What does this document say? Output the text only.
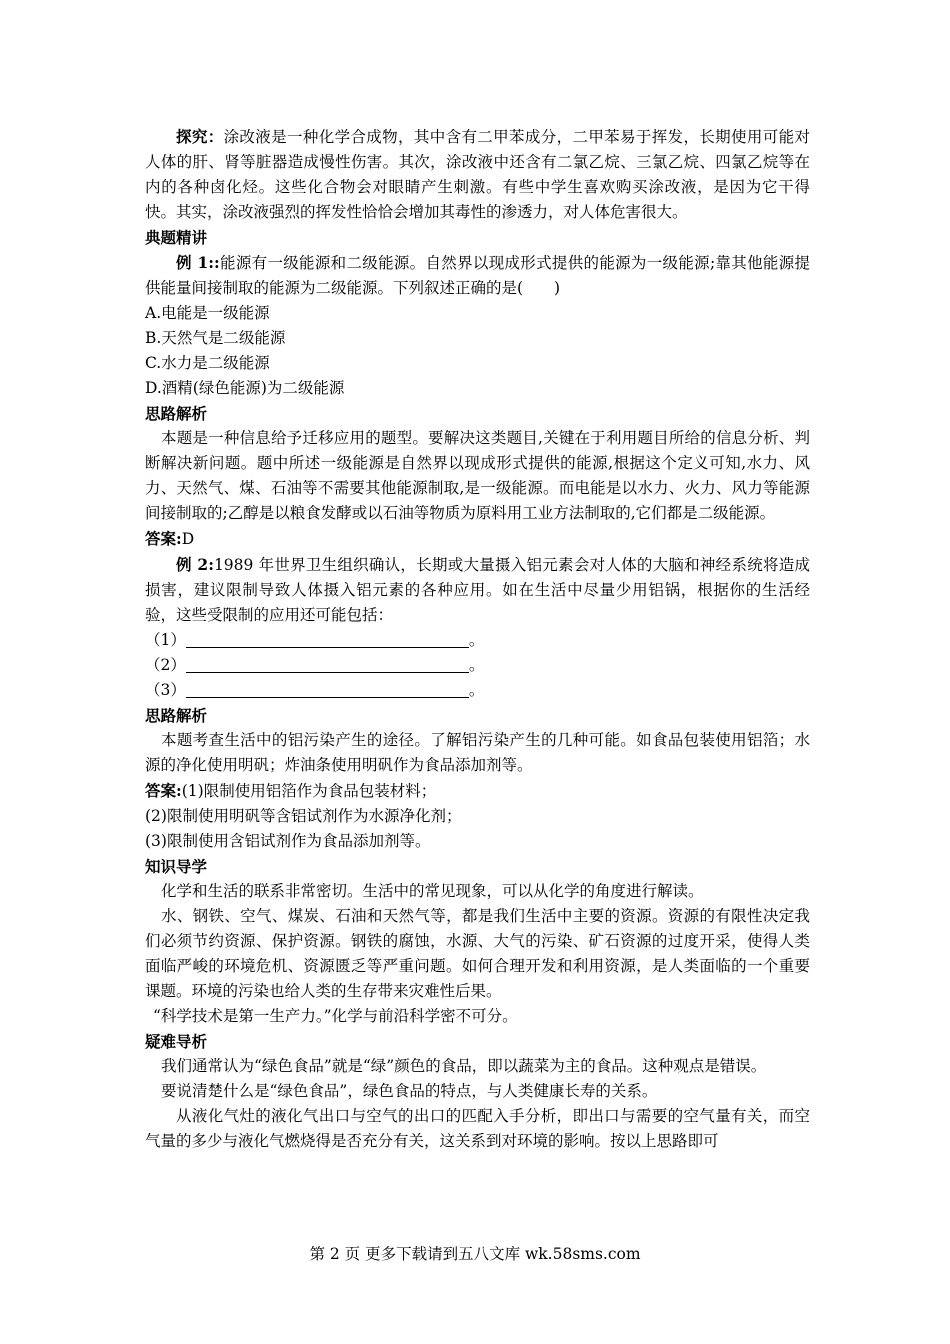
探究：涂改液是一种化学合成物，其中含有二甲苯成分，二甲苯易于挥发，长期使用可能对人体的肝、肾等脏器造成慢性伤害。其次，涂改液中还含有二氯乙烷、三氯乙烷、四氯乙烷等在内的各种卤化烃。这些化合物会对眼睛产生刺激。有些中学生喜欢购买涂改液，是因为它干得快。其实，涂改液强烈的挥发性恰恰会增加其毒性的渗透力，对人体危害很大。

典题精讲

例 1::能源有一级能源和二级能源。自然界以现成形式提供的能源为一级能源;靠其他能源提供能量间接制取的能源为二级能源。下列叙述正确的是(　　)

A.电能是一级能源

B.天然气是二级能源

C.水力是二级能源

D.酒精(绿色能源)为二级能源

思路解析

本题是一种信息给予迁移应用的题型。要解决这类题目,关键在于利用题目所给的信息分析、判断解决新问题。题中所述一级能源是自然界以现成形式提供的能源,根据这个定义可知,水力、风力、天然气、煤、石油等不需要其他能源制取,是一级能源。而电能是以水力、火力、风力等能源间接制取的;乙醇是以粮食发酵或以石油等物质为原料用工业方法制取的,它们都是二级能源。

答案:D

例 2:1989 年世界卫生组织确认，长期或大量摄入铝元素会对人体的大脑和神经系统将造成损害，建议限制导致人体摄入铝元素的各种应用。如在生活中尽量少用铝锅，根据你的生活经验，这些受限制的应用还可能包括：

（1）	。

（2）	。

（3）	。

思路解析

本题考查生活中的铝污染产生的途径。了解铝污染产生的几种可能。如食品包装使用铝箔；水源的净化使用明矾；炸油条使用明矾作为食品添加剂等。

答案:(1)限制使用铝箔作为食品包装材料；

(2)限制使用明矾等含铝试剂作为水源净化剂；

(3)限制使用含铝试剂作为食品添加剂等。

知识导学

化学和生活的联系非常密切。生活中的常见现象，可以从化学的角度进行解读。

水、钢铁、空气、煤炭、石油和天然气等，都是我们生活中主要的资源。资源的有限性决定我们必须节约资源、保护资源。钢铁的腐蚀，水源、大气的污染、矿石资源的过度开采，使得人类面临严峻的环境危机、资源匮乏等严重问题。如何合理开发和利用资源，是人类面临的一个重要课题。环境的污染也给人类的生存带来灾难性后果。

“科学技术是第一生产力。”化学与前沿科学密不可分。

疑难导析

我们通常认为“绿色食品”就是“绿”颜色的食品，即以蔬菜为主的食品。这种观点是错误。

要说清楚什么是“绿色食品”，绿色食品的特点，与人类健康长寿的关系。

从液化气灶的液化气出口与空气的出口的匹配入手分析，即出口与需要的空气量有关，而空气量的多少与液化气燃烧得是否充分有关，这关系到对环境的影响。按以上思路即可

第 2 页 更多下载请到五八文库 wk.58sms.com
